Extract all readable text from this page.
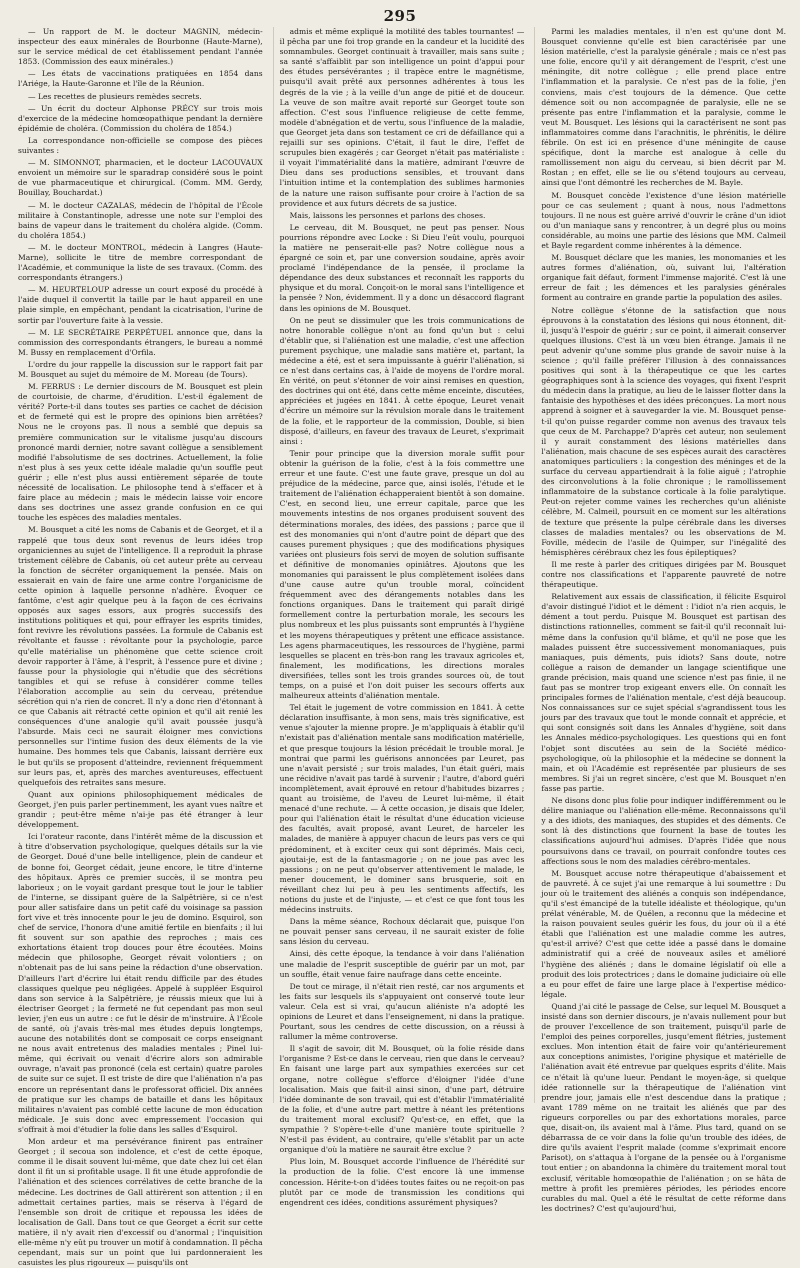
295

— Un rapport de M. le docteur MAGNIN, médecin-inspecteur des eaux minérales de Bourbonne (Haute-Marne), sur le service médical de cet établissement pendant l'année 1853. (Commission des eaux minérales.)

— Les états de vaccinations pratiquées en 1854 dans l'Ariége, la Haute-Garonne et l'île de la Réunion.

— Les recettes de plusieurs remèdes secrets.

— Un écrit du docteur Alphonse PRÉCY sur trois mois d'exercice de la médecine homœopathique pendant la dernière épidémie de choléra. (Commission du choléra de 1854.)

La correspondance non-officielle se compose des pièces suivantes :

— M. SIMONNOT, pharmacien, et le docteur LACOUVAUX envoient un mémoire sur le sparadrap considéré sous le point de vue pharmaceutique et chirurgical. (Comm. MM. Gerdy, Bouillay, Bouchardat.)

— M. le docteur CAZALAS, médecin de l'hôpital de l'École militaire à Constantinople, adresse une note sur l'emploi des bains de vapeur dans le traitement du choléra algide. (Comm. du choléra 1854.)

— M. le docteur MONTROL, médecin à Langres (Haute-Marne), sollicite le titre de membre correspondant de l'Académie, et communique la liste de ses travaux. (Comm. des correspondants étrangers.)

— M. HEURTELOUP adresse un court exposé du procédé à l'aide duquel il convertit la taille par le haut appareil en une plaie simple, en empêchant, pendant la cicatrisation, l'urine de sortir par l'ouverture faite à la vessie.

— M. LE SECRÉTAIRE PERPÉTUEL annonce que, dans la commission des correspondants étrangers, le bureau a nommé M. Bussy en remplacement d'Orfila.

L'ordre du jour rappelle la discussion sur le rapport fait par M. Bousquet au sujet du mémoire de M. Moreau (de Tours).

M. FERRUS : Le dernier discours de M. Bousquet est plein de courtoisie, de charme, d'érudition. L'est-il également de vérité? Porte-t-il dans toutes ses parties ce cachet de décision et de fermeté qui est le propre des opinions bien arrêtées? Nous ne le croyons pas. Il nous a semblé que depuis sa première communication sur le vitalisme jusqu'au discours prononcé mardi dernier, notre savant collègue a sensiblement modifié l'absolutisme de ses doctrines. Actuellement, la folie n'est plus à ses yeux cette idéale maladie qu'un souffle peut guérir ; elle n'est plus aussi entièrement séparée de toute nécessité de localisation. Le philosophe tend à s'effacer et à faire place au médecin ; mais le médecin laisse voir encore dans ses doctrines une assez grande confusion en ce qui touche les espèces des maladies mentales.

M. Bousquet a cité les noms de Cabanis et de Georget, et il a rappelé que tous deux sont revenus de leurs idées trop organiciennes au sujet de l'intelligence. Il a reproduit la phrase tristement célèbre de Cabanis, où cet auteur prête au cerveau la fonction de sécréter organiquement la pensée. Mais on essaierait en vain de faire une arme contre l'organicisme de cette opinion à laquelle personne n'adhère. Évoquer ce fantôme, c'est agir quelque peu à la façon de ces écrivains opposés aux sages essors, aux progrès successifs des institutions politiques et qui, pour effrayer les esprits timides, font revivre les révolutions passées. La formule de Cabanis est révoltante et fausse : révoltante pour la psychologie, parce qu'elle matérialise un phénomène que cette science croit devoir rapporter à l'âme, à l'esprit, à l'essence pure et divine ; fausse pour la physiologie qui n'étudie que des sécrétions tangibles et qui se refuse à considérer comme telles l'élaboration accomplie au sein du cerveau, prétendue sécrétion qui n'a rien de concret. Il n'y a donc rien d'étonnant à ce que Cabanis ait rétracté cette opinion et qu'il ait renié les conséquences d'une analogie qu'il avait poussée jusqu'à l'absurde. Mais ceci ne saurait éloigner mes convictions personnelles sur l'intime fusion des deux éléments de la vie humaine. Des hommes tels que Cabanis, laissant derrière eux le but qu'ils se proposent d'atteindre, reviennent fréquemment sur leurs pas, et, après des marches aventureuses, effectuent quelquefois des retraites sans mesure.

Quant aux opinions philosophiquement médicales de Georget, j'en puis parler pertinemment, les ayant vues naître et grandir ; peut-être même n'ai-je pas été étranger à leur développement.

Ici l'orateur raconte, dans l'intérêt même de la discussion et à titre d'observation psychologique, quelques détails sur la vie de Georget. Doué d'une belle intelligence, plein de candeur et de bonne foi, Georget cédait, jeune encore, le titre d'interne des hôpitaux. Après ce premier succès, il se montra peu laborieux ; on le voyait gardant presque tout le jour le tablier de l'interne, se dissipant guère de la Salpêtrière, si ce n'est pour aller satisfaire dans un petit café du voisinage sa passion fort vive et très innocente pour le jeu de domino. Esquirol, son chef de service, l'honora d'une amitié fertile en bienfaits ; il lui fit souvent sur son apathie des reproches ; mais ces exhortations étaient trop douces pour être écoutées. Moins médecin que philosophe, Georget révait volontiers ; on n'obtenait pas de lui sans peine la rédaction d'une observation. D'ailleurs l'art d'écrire lui était rendu difficile par des études classiques quelque peu négligées. Appelé à suppléer Esquirol dans son service à la Salpêtrière, je réussis mieux que lui à électriser Georget ; la fermeté ne fut cependant pas mon seul levier, j'en eus un autre : ce fut le désir de m'instruire. À l'École de santé, où j'avais très-mal mes études depuis longtemps, aucune des notabilités dont se composait ce corps enseignant ne nous avait entretenus des maladies mentales ; Pinel lui-même, qui écrivait ou venait d'écrire alors son admirable ouvrage, n'avait pas prononcé (cela est certain) quatre paroles de suite sur ce sujet. Il est triste de dire que l'aliénation n'a pas encore un représentant dans le professorat officiel. Dix années de pratique sur les champs de bataille et dans les hôpitaux militaires n'avaient pas comblé cette lacune de mon éducation médicale. Je suis donc avec empressement l'occasion qui s'offrait à moi d'étudier la folie dans les salles d'Esquirol.

Mon ardeur et ma persévérance finirent pas entraîner Georget ; il secoua son indolence, et c'est de cette époque, comme il le disait souvent lui-même, que date chez lui cet élan dont il fit un si profitable usage. Il fit une étude approfondie de l'aliénation et des sciences corrélatives de cette branche de la médecine. Les doctrines de Gall attirèrent son attention ; il en admettait certaines parties, mais se réserva à l'égard de l'ensemble son droit de critique et repoussa les idées de localisation de Gall. Dans tout ce que Georget a écrit sur cette matière, il n'y avait rien d'excessif ou d'anormal ; l'inquisition elle-même n'y eût pu trouver un motif à condamnation. Il pêcha cependant, mais sur un point que lui pardonneraient les casuistes les plus rigoureux — puisqu'ils ont

admis et même expliqué la motilité des tables tournantes! — il pêcha par une foi trop grande en la candeur et la lucidité des somnambules. Georget continuait à travailler, mais sans suite ; sa santé s'affaiblit par son intelligence un point d'appui pour des études persévérantes ; il trapèce entre le magnétisme, puisqu'il avait prêté aux personnes adhérentes à tous les degrés de la vie ; à la veille d'un ange de pitié et de douceur. La veuve de son maître avait reporté sur Georget toute son affection. C'est sous l'influence religieuse de cette femme, modèle d'abnégation et de vertu, sous l'influence de la maladie, que Georget jeta dans son testament ce cri de défaillance qui a rejailli sur ses opinions. C'était, il faut le dire, l'effet de scrupules bien exagérés ; car Georget n'était pas matérialiste : il voyait l'immatérialité dans la matière, admirant l'œuvre de Dieu dans ses productions sensibles, et trouvant dans l'intuition intime et la contemplation des sublimes harmonies de la nature une raison suffisante pour croire à l'action de sa providence et aux futurs décrets de sa justice.

Mais, laissons les personnes et parlons des choses.

Le cerveau, dit M. Bousquet, ne peut pas penser. Nous pourrions répondre avec Locke : Si Dieu l'eût voulu, pourquoi la matière ne penserait-elle pas? Notre collègue nous a épargné ce soin et, par une conversion soudaine, après avoir proclamé l'indépendance de la pensée, il proclame la dépendance des deux substances et reconnaît les rapports du physique et du moral. Conçoit-on le moral sans l'intelligence et la pensée ? Non, évidemment. Il y a donc un désaccord flagrant dans les opinions de M. Bousquet.

On ne peut se dissimuler que les trois communications de notre honorable collègue n'ont au fond qu'un but : celui d'établir que, si l'aliénation est une maladie, c'est une affection purement psychique, une maladie sans matière et, partant, la médecine a été, est et sera impuissante à guérir l'aliénation, si ce n'est dans certains cas, à l'aide de moyens de l'ordre moral. En vérité, on peut s'étonner de voir ainsi remises en question, des doctrines qui ont été, dans cette même enceinte, discutées, appréciées et jugées en 1841. À cette époque, Leuret venait d'écrire un mémoire sur la révulsion morale dans le traitement de la folie, et le rapporteur de la commission, Double, si bien disposé, d'ailleurs, en faveur des travaux de Leuret, s'exprimait ainsi :

Tenir pour principe que la diversion morale suffit pour obtenir la guérison de la folie, c'est à la fois commettre une erreur et une faute. C'est une faute grave, presque un dol au préjudice de la médecine, parce que, ainsi isolés, l'étude et le traitement de l'aliénation échapperaient bientôt à son domaine. C'est, en second lieu, une erreur capitale, parce que les mouvements intestins de nos organes produisent souvent des déterminations morales, des idées, des passions ; parce que il est des monomanies qui n'ont d'autre point de départ que des causes purement physiques ; que des modifications physiques variées ont plusieurs fois servi de moyen de solution suffisante et définitive de monomanies opiniâtres. Ajoutons que les monomanies qui paraissent le plus complètement isolées dans d'une cause autre qu'un trouble moral, coïncident fréquemment avec des dérangements notables dans les fonctions organiques. Dans le traitement qui paraît dirigé formellement contre la perturbation morale, les secours les plus nombreux et les plus puissants sont empruntés à l'hygiène et les moyens thérapeutiques y prêtent une efficace assistance. Les agens pharmaceutiques, les ressources de l'hygiène, parmi lesquelles se placent en très-bon rang les travaux agricoles et, finalement, les modifications, les directions morales diversifiées, telles sont les trois grandes sources où, de tout temps, on a puisé et l'on doit puiser les secours offerts aux malheureux atteints d'aliénation mentale.

Tel était le jugement de votre commission en 1841. À cette déclaration insuffisante, à mon sens, mais très significative, est venue s'ajouter la mienne propre. Je m'appliquais à établir qu'il n'existait pas d'aliénation mentale sans modification matérielle, et que presque toujours la lésion précédait le trouble moral. Je montrai que parmi les guérisons annoncées par Leuret, pas une n'avait persisté ; sur trois malades, l'un était guéri, mais une récidive n'avait pas tardé à survenir ; l'autre, d'abord guéri incomplètement, avait éprouvé en retour d'habitudes bizarres ; quant au troisième, de l'aveu de Leuret lui-même, il était menacé d'une rechute. — À cette occasion, je disais que Ideler, pour qui l'aliénation était le résultat d'une éducation vicieuse des facultés, avait proposé, avant Leuret, de harceler les malades, de manière à appuyer chacun de leurs pas vers ce qui prédominent, et à exciter ceux qui sont déprimés. Mais ceci, ajoutai-je, est de la fantasmagorie ; on ne joue pas avec les passions ; on ne peut qu'observer attentivement le malade, le mener doucement, le dominer sans brusquerie, soit en réveillant chez lui peu à peu les sentiments affectifs, les notions du juste et de l'injuste, — et c'est ce que font tous les médecins instruits.

Dans la même séance, Rochoux déclarait que, puisque l'on ne pouvait penser sans cerveau, il ne saurait exister de folie sans lésion du cerveau.

Ainsi, dès cette époque, la tendance à voir dans l'aliénation une maladie de l'esprit susceptible de guérir par un mot, par un souffle, était venue faire naufrage dans cette enceinte.

De tout ce mirage, il n'était rien resté, car nos arguments et les faits sur lesquels ils s'appuyaient ont conservé toute leur valeur. Cela est si vrai, qu'aucun aliéniste n'a adopté les opinions de Leuret et dans l'enseignement, ni dans la pratique. Pourtant, sous les cendres de cette discussion, on a réussi à rallumer la même controverse.

Il s'agit de savoir, dit M. Bousquet, où la folie réside dans l'organisme ? Est-ce dans le cerveau, rien que dans le cerveau? En faisant une large part aux sympathies exercées sur cet organe, notre collègue s'efforce d'éloigner l'idée d'une localisation. Mais que fait-il ainsi sinon, d'une part, détruire l'idée dominante de son travail, qui est d'établir l'immatérialité de la folie, et d'une autre part mettre à néant les prétentions du traitement moral exclusif? Qu'est-ce, en effet, que la sympathie ? S'opère-t-elle d'une manière toute spirituelle ? N'est-il pas évident, au contraire, qu'elle s'établit par un acte organique d'où la matière ne saurait être exclue ?

Plus loin, M. Bousquet accorde l'influence de l'hérédité sur la production de la folie. C'est encore là une immense concession. Hérite-t-on d'idées toutes faites ou ne reçoit-on pas plutôt par ce mode de transmission les conditions qui engendrent ces idées, conditions assurément physiques?

Parmi les maladies mentales, il n'en est qu'une dont M. Bousquet convienne qu'elle est bien caractérisée par une lésion matérielle, c'est la paralysie générale ; mais ce n'est pas une folie, encore qu'il y ait dérangement de l'esprit, c'est une méningite, dit notre collègue ; elle prend place entre l'inflammation et la paralysie. Ce n'est pas de la folie, j'en conviens, mais c'est toujours de la démence. Que cette démence soit ou non accompagnée de paralysie, elle ne se présente pas entre l'inflammation et la paralysie, comme le veut M. Bousquet. Les lésions qui la caractérisent ne sont pas inflammatoires comme dans l'arachnitis, le phrénitis, le délire fébrile. On est ici en présence d'une méningite de cause spécifique, dont la marche est analogue à celle du ramollissement non aigu du cerveau, si bien décrit par M. Rostan ; en effet, elle se lie ou s'étend toujours au cerveau, ainsi que l'ont démontré les recherches de M. Bayle.

M. Bousquet concède l'existence d'une lésion matérielle pour ce cas seulement ; quant à nous, nous l'admettons toujours. Il ne nous est guère arrivé d'ouvrir le crâne d'un idiot ou d'un maniaque sans y rencontrer, à un degré plus ou moins considérable, au moins une partie des lésions que MM. Calmeil et Bayle regardent comme inhérentes à la démence.

M. Bousquet déclare que les manies, les monomanies et les autres formes d'aliénation, où, suivant lui, l'altération organique fait défaut, forment l'immense majorité. C'est là une erreur de fait ; les démences et les paralysies générales forment au contraire en grande partie la population des asiles.

Notre collègue s'étonne de la satisfaction que nous éprouvons à la constatation des lésions qui nous étonnent, dit-il, jusqu'à l'espoir de guérir ; sur ce point, il aimerait conserver quelques illusions. C'est là un vœu bien étrange. Jamais il ne peut advenir qu'une somme plus grande de savoir nuise à la science ; qu'il faille préférer l'illusion à des connaissances positives qui sont à la thérapeutique ce que les cartes géographiques sont à la science des voyages, qui fixent l'esprit du médecin dans la pratique, au lieu de le laisser flotter dans la fantaisie des hypothèses et des idées préconçues. La mort nous apprend à soigner et à sauvegarder la vie. M. Bousquet pense-t-il qu'on puisse regarder comme non avenus des travaux tels que ceux de M. Parchappe? D'après cet auteur, non seulement il y aurait constamment des lésions matérielles dans l'aliénation, mais chacune de ses espèces aurait des caractères anatomiques particuliers : la congestion des méninges et de la surface du cerveau appartiendrait à la folie aiguë ; l'atrophie des circonvolutions à la folie chronique ; le ramollissement inflammatoire de la substance corticale à la folie paralytique. Peut-on rejeter comme vaines les recherches qu'un aliéniste célèbre, M. Calmeil, poursuit en ce moment sur les altérations de texture que présente la pulpe cérébrale dans les diverses classes de maladies mentales? ou les observations de M. Foville, médecin de l'asile de Quimper, sur l'inégalité des hémisphères cérébraux chez les fous épileptiques?

Il me reste à parler des critiques dirigées par M. Bousquet contre nos classifications et l'apparente pauvreté de notre thérapeutique.

Relativement aux essais de classification, il félicite Esquirol d'avoir distingué l'idiot et le dément : l'idiot n'a rien acquis, le dément a tout perdu. Puisque M. Bousquet est partisan des distinctions rationnelles, comment se fait-il qu'il reconnaît lui-même dans la confusion qu'il blâme, et qu'il ne pose que les malades puissent être successivement monomaniaques, puis maniaques, puis déments, puis idiots? Sans doute, notre collègue a raison de demander un langage scientifique une grande précision, mais quand une science n'est pas finie, il ne faut pas se montrer trop exigeant envers elle. On connaît les principales formes de l'aliénation mentale, c'est déjà beaucoup. Nos connaissances sur ce sujet spécial s'agrandissent tous les jours par des travaux que tout le monde connaît et apprécie, et qui sont consignés soit dans les Annales d'hygiène, soit dans les Annales médico-psychologiques. Les questions qui en font l'objet sont discutées au sein de la Société médico-psychologique, où la philosophie et la médecine se donnent la main, et où l'Académie est représentée par plusieurs de ses membres. Si j'ai un regret sincère, c'est que M. Bousquet n'en fasse pas partie.

Ne disons donc plus folie pour indiquer indifféremment ou le délire maniaque ou l'aliénation elle-même. Reconnaissons qu'il y a des idiots, des maniaques, des stupides et des déments. Ce sont là des distinctions que fournent la base de toutes les classifications aujourd'hui admises. D'après l'idée que nous poursuivons dans ce travail, on pourrait confondre toutes ces affections sous le nom des maladies cérébro-mentales.

M. Bousquet accuse notre thérapeutique d'abaissement et de pauvreté. À ce sujet j'ai une remarque à lui soumettre : Du jour où le traitement des aliénés a conquis son indépendance, qu'il s'est émancipé de la tutelle idéaliste et théologique, qu'un prélat vénérable, M. de Quélen, a reconnu que la médecine et la raison pouvaient seules guérir les fous, du jour où il a été établi que l'aliénation est une maladie comme les autres, qu'est-il arrivé? C'est que cette idée a passé dans le domaine administratif qui a créé de nouveaux asiles et amélioré l'hygiène des aliénés ; dans le domaine législatif où elle a produit des lois protectrices ; dans le domaine judiciaire où elle a eu pour effet de faire une large place à l'expertise médico-légale.

Quand j'ai cité le passage de Celse, sur lequel M. Bousquet a insisté dans son dernier discours, je n'avais nullement pour but de prouver l'excellence de son traitement, puisqu'il parle de l'emploi des peines corporelles, jusqu'ement flétries, justement exclues. Mon intention était de faire voir qu'antérieurement aux conceptions animistes, l'origine physique et matérielle de l'aliénation avait été entrevue par quelques esprits d'élite. Mais ce n'était là qu'une lueur. Pendant le moyen-âge, si quelque idée rationnelle sur la thérapeutique de l'aliénation vint prendre jour, jamais elle n'est descendue dans la pratique ; avant 1789 même on ne traitait les aliénés que par des rigueurs corporelles ou par des exhortations morales, parce que, disait-on, ils avaient mal à l'âme. Plus tard, quand on se débarrassa de ce voir dans la folie qu'un trouble des idées, de dire qu'ils avaient l'esprit malade (comme s'exprimait encore Parisot), on s'attaqua à l'organe de la pensée ou à l'organisme tout entier ; on abandonna la chimère du traitement moral tout exclusif, véritable homœopathie de l'aliénation ; on se hâta de mettre à profit les premières périodes, les périodes encore curables du mal. Quel a été le résultat de cette réforme dans les doctrines? C'est qu'aujourd'hui,
